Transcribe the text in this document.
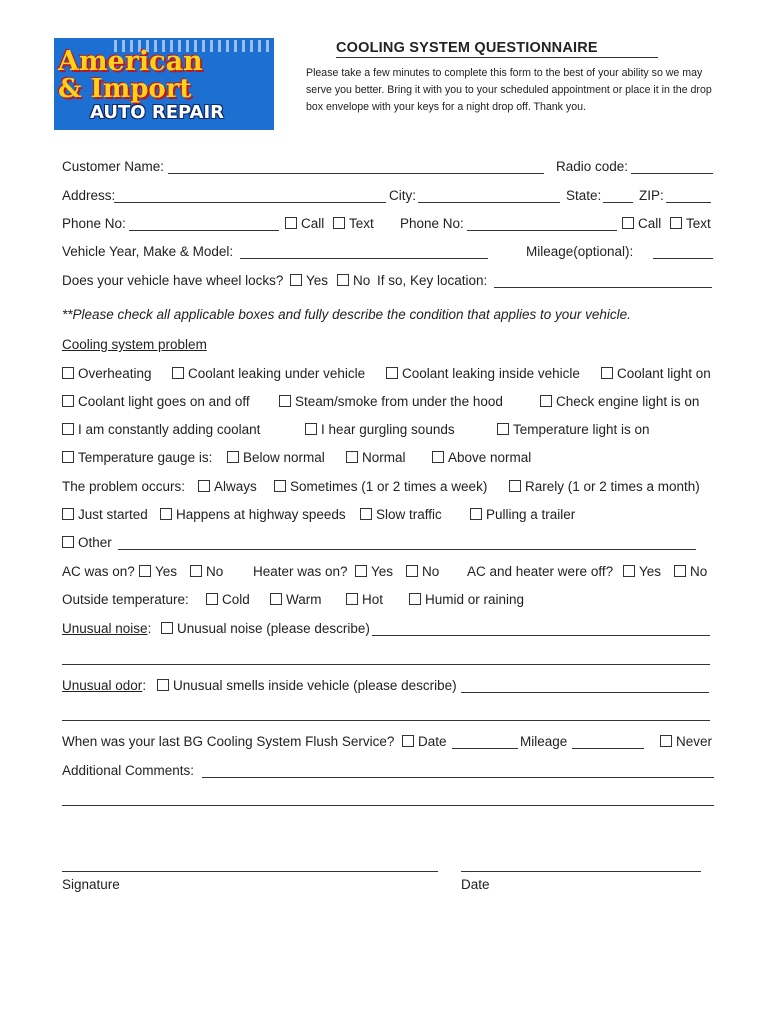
American
& Import
AUTO REPAIR
COOLING SYSTEM QUESTIONNAIRE
Please take a few minutes to complete this form to the best of your ability so we may serve you better. Bring it with you to your scheduled appointment or place it in the drop box envelope with your keys for a night drop off. Thank you.
Customer Name:	Radio code:
Address:	City:	State:	ZIP:
Phone No:	Call	Text Phone No:	Call	Text
Vehicle Year, Make & Model:	Mileage(optional):
Does your vehicle have wheel locks?	Yes	No If so, Key location:
**Please check all applicable boxes and fully describe the condition that applies to your vehicle.
Cooling system problem
Overheating	Coolant leaking under vehicle	Coolant leaking inside vehicle	Coolant light on
Coolant light goes on and off	Steam/smoke from under the hood	Check engine light is on
I am constantly adding coolant	I hear gurgling sounds	Temperature light is on
Temperature gauge is:	Below normal	Normal	Above normal
The problem occurs:	Always	Sometimes (1 or 2 times a week)	Rarely (1 or 2 times a month)
Just started	Happens at highway speeds	Slow traffic	Pulling a trailer
Other
AC was on?	Yes	No Heater was on?	Yes	No AC and heater were off?	Yes	No
Outside temperature:	Cold	Warm	Hot	Humid or raining
Unusual noise:	Unusual noise (please describe)
Unusual odor:	Unusual smells inside vehicle (please describe)
When was your last BG Cooling System Flush Service?	Date	Mileage	Never
Additional Comments:
Signature	Date
